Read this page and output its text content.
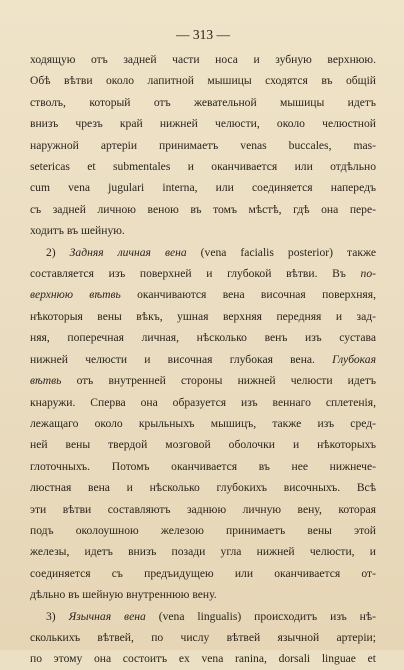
— 313 —
ходящую отъ задней части носа и зубную верхнюю.
Обѣ вѣтви около лапитной мышицы сходятся въ общій
стволъ, который отъ жевательной мышицы идетъ
внизъ чрезъ край нижней челюсти, около челюстной
наружной артеріи принимаетъ venas buccales, mas-
setericas et submentales и оканчивается или отдѣльно
cum vena jugulari interna, или соединяется напередъ
съ задней личною веною въ томъ мѣстѣ, гдѣ она пере-
ходитъ въ шейную.
2) Задняя личная вена (vena facialis posterior) также
составляется изъ поверхней и глубокой вѣтви. Въ по-
верхнюю вѣтвь оканчиваются вена височная поверхняя,
нѣкоторыя вены вѣкъ, ушная верхняя передняя и зад-
няя, поперечная личная, нѣсколько венъ изъ сустава
нижней челюсти и височная глубокая вена. Глубокая
вѣтвь отъ внутренней стороны нижней челюсти идетъ
кнаружи. Сперва она образуется изъ веннаго сплетенія,
лежащаго около крыльныхъ мышицъ, также изъ сред-
ней вены твердой мозговой оболочки и нѣкоторыхъ
глоточныхъ. Потомъ оканчивается въ нее нижнече-
люстная вена и нѣсколько глубокихъ височныхъ. Всѣ
эти вѣтви составляютъ заднюю личную вену, которая
подъ околоушною железою принимаетъ вены этой
железы, идетъ внизъ позади угла нижней челюсти, и
соединяется съ предъидущею или оканчивается от-
дѣльно въ шейную внутреннюю вену.
3) Язычная вена (vena lingualis) происходитъ изъ нѣ-
сколькихъ вѣтвей, по числу вѣтвей язычной артеріи;
по этому она состоитъ ex vena ranina, dorsali linguae et
